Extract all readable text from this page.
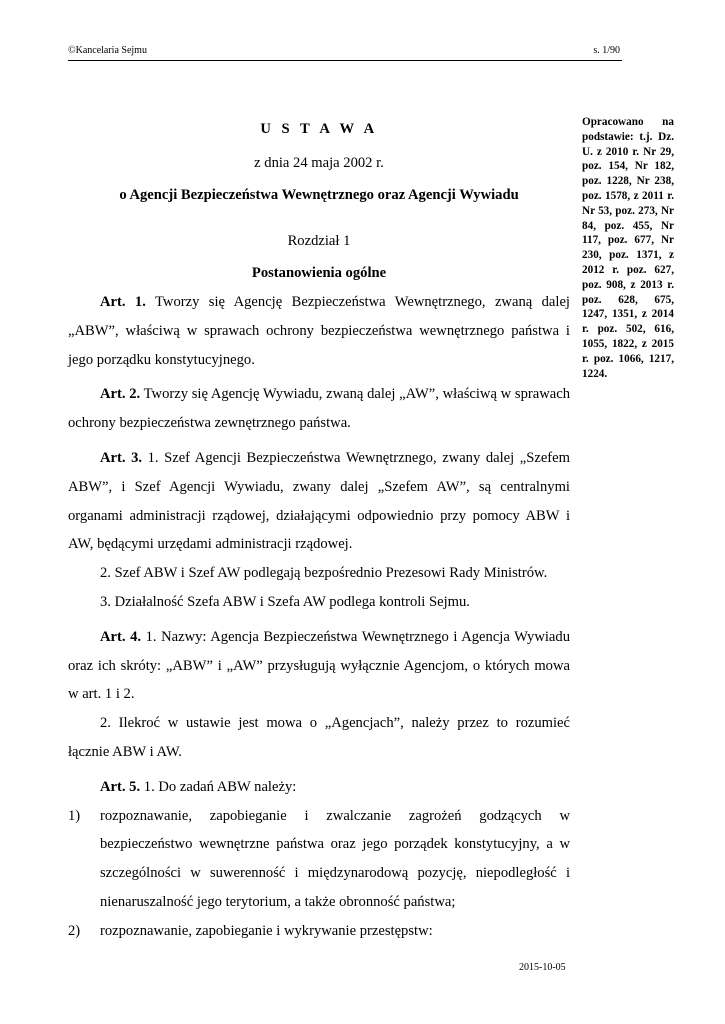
©Kancelaria Sejmu	s. 1/90
U S T A W A
z dnia 24 maja 2002 r.
o Agencji Bezpieczeństwa Wewnętrznego oraz Agencji Wywiadu
Rozdział 1
Postanowienia ogólne

Art. 1. Tworzy się Agencję Bezpieczeństwa Wewnętrznego, zwaną dalej „ABW”, właściwą w sprawach ochrony bezpieczeństwa wewnętrznego państwa i jego porządku konstytucyjnego.

Art. 2. Tworzy się Agencję Wywiadu, zwaną dalej „AW”, właściwą w sprawach ochrony bezpieczeństwa zewnętrznego państwa.

Art. 3. 1. Szef Agencji Bezpieczeństwa Wewnętrznego, zwany dalej „Szefem ABW”, i Szef Agencji Wywiadu, zwany dalej „Szefem AW”, są centralnymi organami administracji rządowej, działającymi odpowiednio przy pomocy ABW i AW, będącymi urzędami administracji rządowej.

2. Szef ABW i Szef AW podlegają bezpośrednio Prezesowi Rady Ministrów.

3. Działalność Szefa ABW i Szefa AW podlega kontroli Sejmu.

Art. 4. 1. Nazwy: Agencja Bezpieczeństwa Wewnętrznego i Agencja Wywiadu oraz ich skróty: „ABW” i „AW” przysługują wyłącznie Agencjom, o których mowa w art. 1 i 2.

2. Ilekroć w ustawie jest mowa o „Agencjach”, należy przez to rozumieć łącznie ABW i AW.

Art. 5. 1. Do zadań ABW należy:

1) rozpoznawanie, zapobieganie i zwalczanie zagrożeń godzących w bezpieczeństwo wewnętrzne państwa oraz jego porządek konstytucyjny, a w szczególności w suwerenność i międzynarodową pozycję, niepodległość i nienaruszalność jego terytorium, a także obronność państwa;
2) rozpoznawanie, zapobieganie i wykrywanie przestępstw:
Opracowano na podstawie: t.j. Dz. U. z 2010 r. Nr 29, poz. 154, Nr 182, poz. 1228, Nr 238, poz. 1578, z 2011 r. Nr 53, poz. 273, Nr 84, poz. 455, Nr 117, poz. 677, Nr 230, poz. 1371, z 2012 r. poz. 627, poz. 908, z 2013 r. poz. 628, 675, 1247, 1351, z 2014 r. poz. 502, 616, 1055, 1822, z 2015 r. poz. 1066, 1217, 1224.
2015-10-05
